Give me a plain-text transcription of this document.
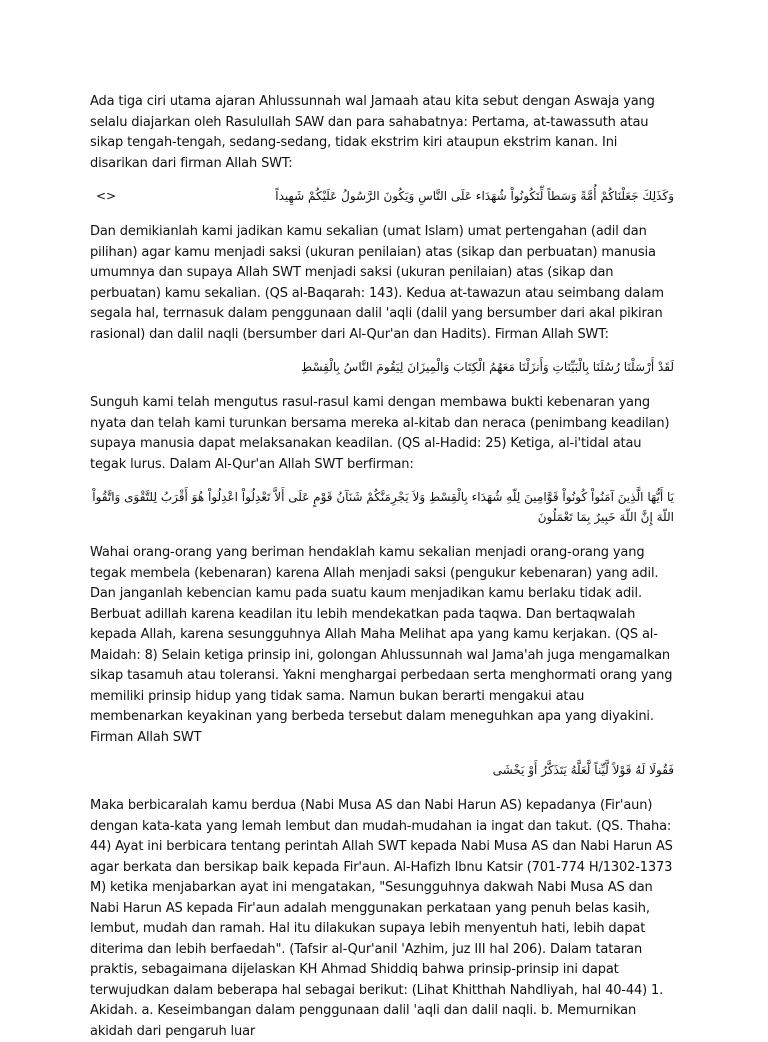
Ada tiga ciri utama ajaran Ahlussunnah wal Jamaah atau kita sebut dengan Aswaja yang selalu diajarkan oleh Rasulullah SAW dan para sahabatnya: Pertama, at-tawassuth atau sikap tengah-tengah, sedang-sedang, tidak ekstrim kiri ataupun ekstrim kanan. Ini disarikan dari firman Allah SWT:

<>	وَكَذَلِكَ جَعَلْنَاكُمْ أُمَّةً وَسَطاً لِّتَكُونُواْ شُهَدَاء عَلَى النَّاسِ وَيَكُونَ الرَّسُولُ عَلَيْكُمْ شَهِيداً

Dan demikianlah kami jadikan kamu sekalian (umat Islam) umat pertengahan (adil dan pilihan) agar kamu menjadi saksi (ukuran penilaian) atas (sikap dan perbuatan) manusia umumnya dan supaya Allah SWT menjadi saksi (ukuran penilaian) atas (sikap dan perbuatan) kamu sekalian. (QS al-Baqarah: 143). Kedua at-tawazun atau seimbang dalam segala hal, terrnasuk dalam penggunaan dalil 'aqli (dalil yang bersumber dari akal pikiran rasional) dan dalil naqli (bersumber dari Al-Qur'an dan Hadits). Firman Allah SWT:

لَقَدْ أَرْسَلْنَا رُسُلَنَا بِالْبَيِّنَاتِ وَأَنزَلْنَا مَعَهُمُ الْكِتَابَ وَالْمِيزَانَ لِيَقُومَ النَّاسُ بِالْقِسْطِ

Sunguh kami telah mengutus rasul-rasul kami dengan membawa bukti kebenaran yang nyata dan telah kami turunkan bersama mereka al-kitab dan neraca (penimbang keadilan) supaya manusia dapat melaksanakan keadilan. (QS al-Hadid: 25) Ketiga, al-i'tidal atau tegak lurus. Dalam Al-Qur'an Allah SWT berfirman:

يَا أَيُّهَا الَّذِينَ آمَنُواْ كُونُواْ قَوَّامِينَ لِلّهِ شُهَدَاء بِالْقِسْطِ وَلاَ يَجْرِمَنَّكُمْ شَنَآنُ قَوْمٍ عَلَى أَلاَّ تَعْدِلُواْ اعْدِلُواْ هُوَ أَقْرَبُ لِلتَّقْوَى وَاتَّقُواْ اللّهَ إِنَّ اللّهَ خَبِيرٌ بِمَا تَعْمَلُونَ

Wahai orang-orang yang beriman hendaklah kamu sekalian menjadi orang-orang yang tegak membela (kebenaran) karena Allah menjadi saksi (pengukur kebenaran) yang adil. Dan janganlah kebencian kamu pada suatu kaum menjadikan kamu berlaku tidak adil. Berbuat adillah karena keadilan itu lebih mendekatkan pada taqwa. Dan bertaqwalah kepada Allah, karena sesungguhnya Allah Maha Melihat apa yang kamu kerjakan. (QS al-Maidah: 8) Selain ketiga prinsip ini, golongan Ahlussunnah wal Jama'ah juga mengamalkan sikap tasamuh atau toleransi. Yakni menghargai perbedaan serta menghormati orang yang memiliki prinsip hidup yang tidak sama. Namun bukan berarti mengakui atau membenarkan keyakinan yang berbeda tersebut dalam meneguhkan apa yang diyakini. Firman Allah SWT

فَقُولَا لَهُ قَوْلاً لَّيِّناً لَّعَلَّهُ يَتَذَكَّرُ أَوْ يَخْشَى

Maka berbicaralah kamu berdua (Nabi Musa AS dan Nabi Harun AS) kepadanya (Fir'aun) dengan kata-kata yang lemah lembut dan mudah-mudahan ia ingat dan takut. (QS. Thaha: 44) Ayat ini berbicara tentang perintah Allah SWT kepada Nabi Musa AS dan Nabi Harun AS agar berkata dan bersikap baik kepada Fir'aun. Al-Hafizh Ibnu Katsir (701-774 H/1302-1373 M) ketika menjabarkan ayat ini mengatakan, "Sesungguhnya dakwah Nabi Musa AS dan Nabi Harun AS kepada Fir'aun adalah menggunakan perkataan yang penuh belas kasih, lembut, mudah dan ramah. Hal itu dilakukan supaya lebih menyentuh hati, lebih dapat diterima dan lebih berfaedah". (Tafsir al-Qur'anil 'Azhim, juz III hal 206). Dalam tataran praktis, sebagaimana dijelaskan KH Ahmad Shiddiq bahwa prinsip-prinsip ini dapat terwujudkan dalam beberapa hal sebagai berikut: (Lihat Khitthah Nahdliyah, hal 40-44) 1. Akidah. a. Keseimbangan dalam penggunaan dalil 'aqli dan dalil naqli. b. Memurnikan akidah dari pengaruh luar
